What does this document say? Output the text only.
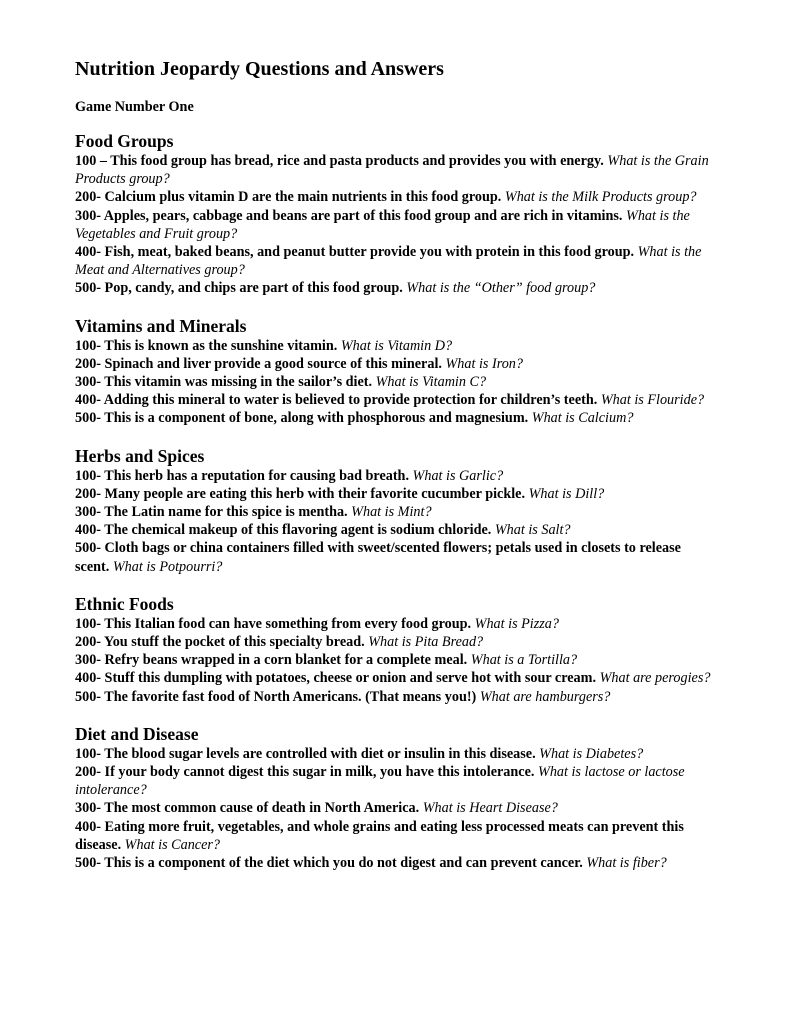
Nutrition Jeopardy Questions and Answers
Game Number One
Food Groups

100 – This food group has bread, rice and pasta products and provides you with energy. What is the Grain Products group?

200- Calcium plus vitamin D are the main nutrients in this food group. What is the Milk Products group?

300- Apples, pears, cabbage and beans are part of this food group and are rich in vitamins. What is the Vegetables and Fruit group?

400- Fish, meat, baked beans, and peanut butter provide you with protein in this food group. What is the Meat and Alternatives group?

500- Pop, candy, and chips are part of this food group. What is the “Other” food group?

Vitamins and Minerals

100- This is known as the sunshine vitamin. What is Vitamin D?

200- Spinach and liver provide a good source of this mineral. What is Iron?

300- This vitamin was missing in the sailor’s diet. What is Vitamin C?

400- Adding this mineral to water is believed to provide protection for children’s teeth. What is Flouride?

500- This is a component of bone, along with phosphorous and magnesium. What is Calcium?

Herbs and Spices

100- This herb has a reputation for causing bad breath. What is Garlic?

200- Many people are eating this herb with their favorite cucumber pickle. What is Dill?

300- The Latin name for this spice is mentha. What is Mint?

400- The chemical makeup of this flavoring agent is sodium chloride. What is Salt?

500- Cloth bags or china containers filled with sweet/scented flowers; petals used in closets to release scent. What is Potpourri?

Ethnic Foods

100- This Italian food can have something from every food group. What is Pizza?

200- You stuff the pocket of this specialty bread. What is Pita Bread?

300- Refry beans wrapped in a corn blanket for a complete meal. What is a Tortilla?

400- Stuff this dumpling with potatoes, cheese or onion and serve hot with sour cream. What are perogies?

500- The favorite fast food of North Americans. (That means you!) What are hamburgers?

Diet and Disease

100- The blood sugar levels are controlled with diet or insulin in this disease. What is Diabetes?

200- If your body cannot digest this sugar in milk, you have this intolerance. What is lactose or lactose intolerance?

300- The most common cause of death in North America. What is Heart Disease?

400- Eating more fruit, vegetables, and whole grains and eating less processed meats can prevent this disease. What is Cancer?

500- This is a component of the diet which you do not digest and can prevent cancer. What is fiber?
